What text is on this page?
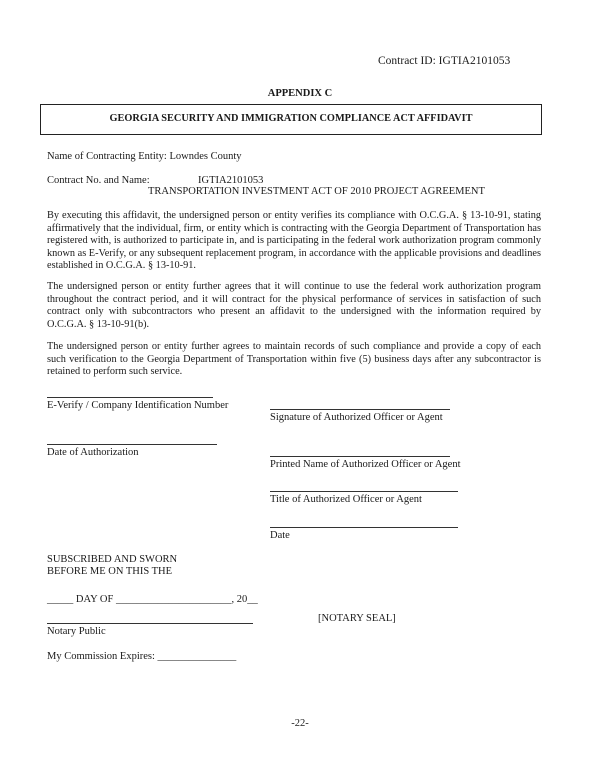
Contract ID: IGTIA2101053
APPENDIX C
GEORGIA SECURITY AND IMMIGRATION COMPLIANCE ACT AFFIDAVIT
Name of Contracting Entity: Lowndes County
Contract No. and Name:	IGTIA2101053
TRANSPORTATION INVESTMENT ACT OF 2010 PROJECT AGREEMENT
By executing this affidavit, the undersigned person or entity verifies its compliance with O.C.G.A. § 13-10-91, stating affirmatively that the individual, firm, or entity which is contracting with the Georgia Department of Transportation has registered with, is authorized to participate in, and is participating in the federal work authorization program commonly known as E-Verify, or any subsequent replacement program, in accordance with the applicable provisions and deadlines established in O.C.G.A. § 13-10-91.
The undersigned person or entity further agrees that it will continue to use the federal work authorization program throughout the contract period, and it will contract for the physical performance of services in satisfaction of such contract only with subcontractors who present an affidavit to the undersigned with the information required by O.C.G.A. § 13-10-91(b).
The undersigned person or entity further agrees to maintain records of such compliance and provide a copy of each such verification to the Georgia Department of Transportation within five (5) business days after any subcontractor is retained to perform such service.
E-Verify / Company Identification Number
Signature of Authorized Officer or Agent
Date of Authorization
Printed Name of Authorized Officer or Agent
Title of Authorized Officer or Agent
Date
SUBSCRIBED AND SWORN
BEFORE ME ON THIS THE
_____ DAY OF ______________________, 20__
Notary Public
[NOTARY SEAL]
My Commission Expires: _______________
-22-
